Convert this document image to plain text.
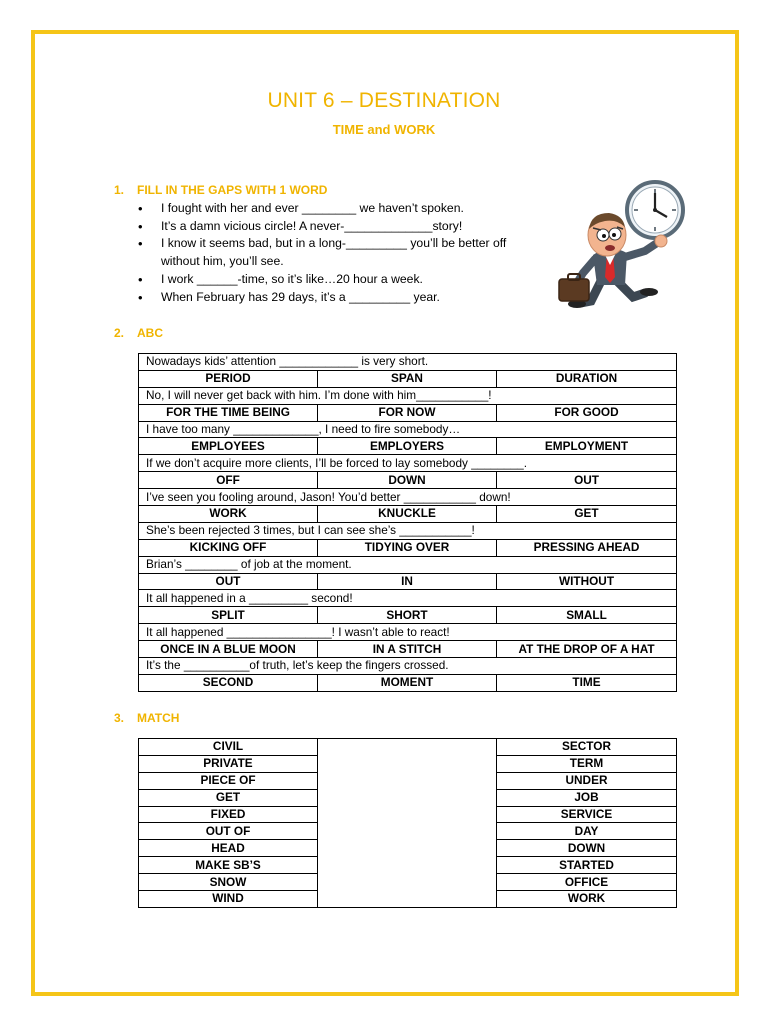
UNIT 6 – DESTINATION
TIME and WORK
1. FILL IN THE GAPS WITH 1 WORD
• I fought with her and ever ________ we haven’t spoken.
• It’s a damn vicious circle! A never-_____________story!
• I know it seems bad, but in a long-_________ you’ll be better off without him, you’ll see.
• I work ______-time, so it’s like…20 hour a week.
• When February has 29 days, it’s a _________ year.
2. ABC
Nowadays kids’ attention ____________ is very short.		
PERIOD	SPAN	DURATION
No, I will never get back with him. I’m done with him___________!		
FOR THE TIME BEING	FOR NOW	FOR GOOD
I have too many _____________, I need to fire somebody…		
EMPLOYEES	EMPLOYERS	EMPLOYMENT
If we don’t acquire more clients, I’ll be forced to lay somebody ________.		
OFF	DOWN	OUT
I’ve seen you fooling around, Jason! You’d better ___________ down!		
WORK	KNUCKLE	GET
She’s been rejected 3 times, but I can see she’s ___________!		
KICKING OFF	TIDYING OVER	PRESSING AHEAD
Brian’s ________ of job at the moment.		
OUT	IN	WITHOUT
It all happened in a _________ second!		
SPLIT	SHORT	SMALL
It all happened ________________! I wasn’t able to react!		
ONCE IN A BLUE MOON	IN A STITCH	AT THE DROP OF A HAT
It’s the __________of truth, let’s keep the fingers crossed.		
SECOND	MOMENT	TIME
3. MATCH
CIVIL		SECTOR
PRIVATE		TERM
PIECE OF		UNDER
GET		JOB
FIXED		SERVICE
OUT OF		DAY
HEAD		DOWN
MAKE SB’S		STARTED
SNOW		OFFICE
WIND		WORK
